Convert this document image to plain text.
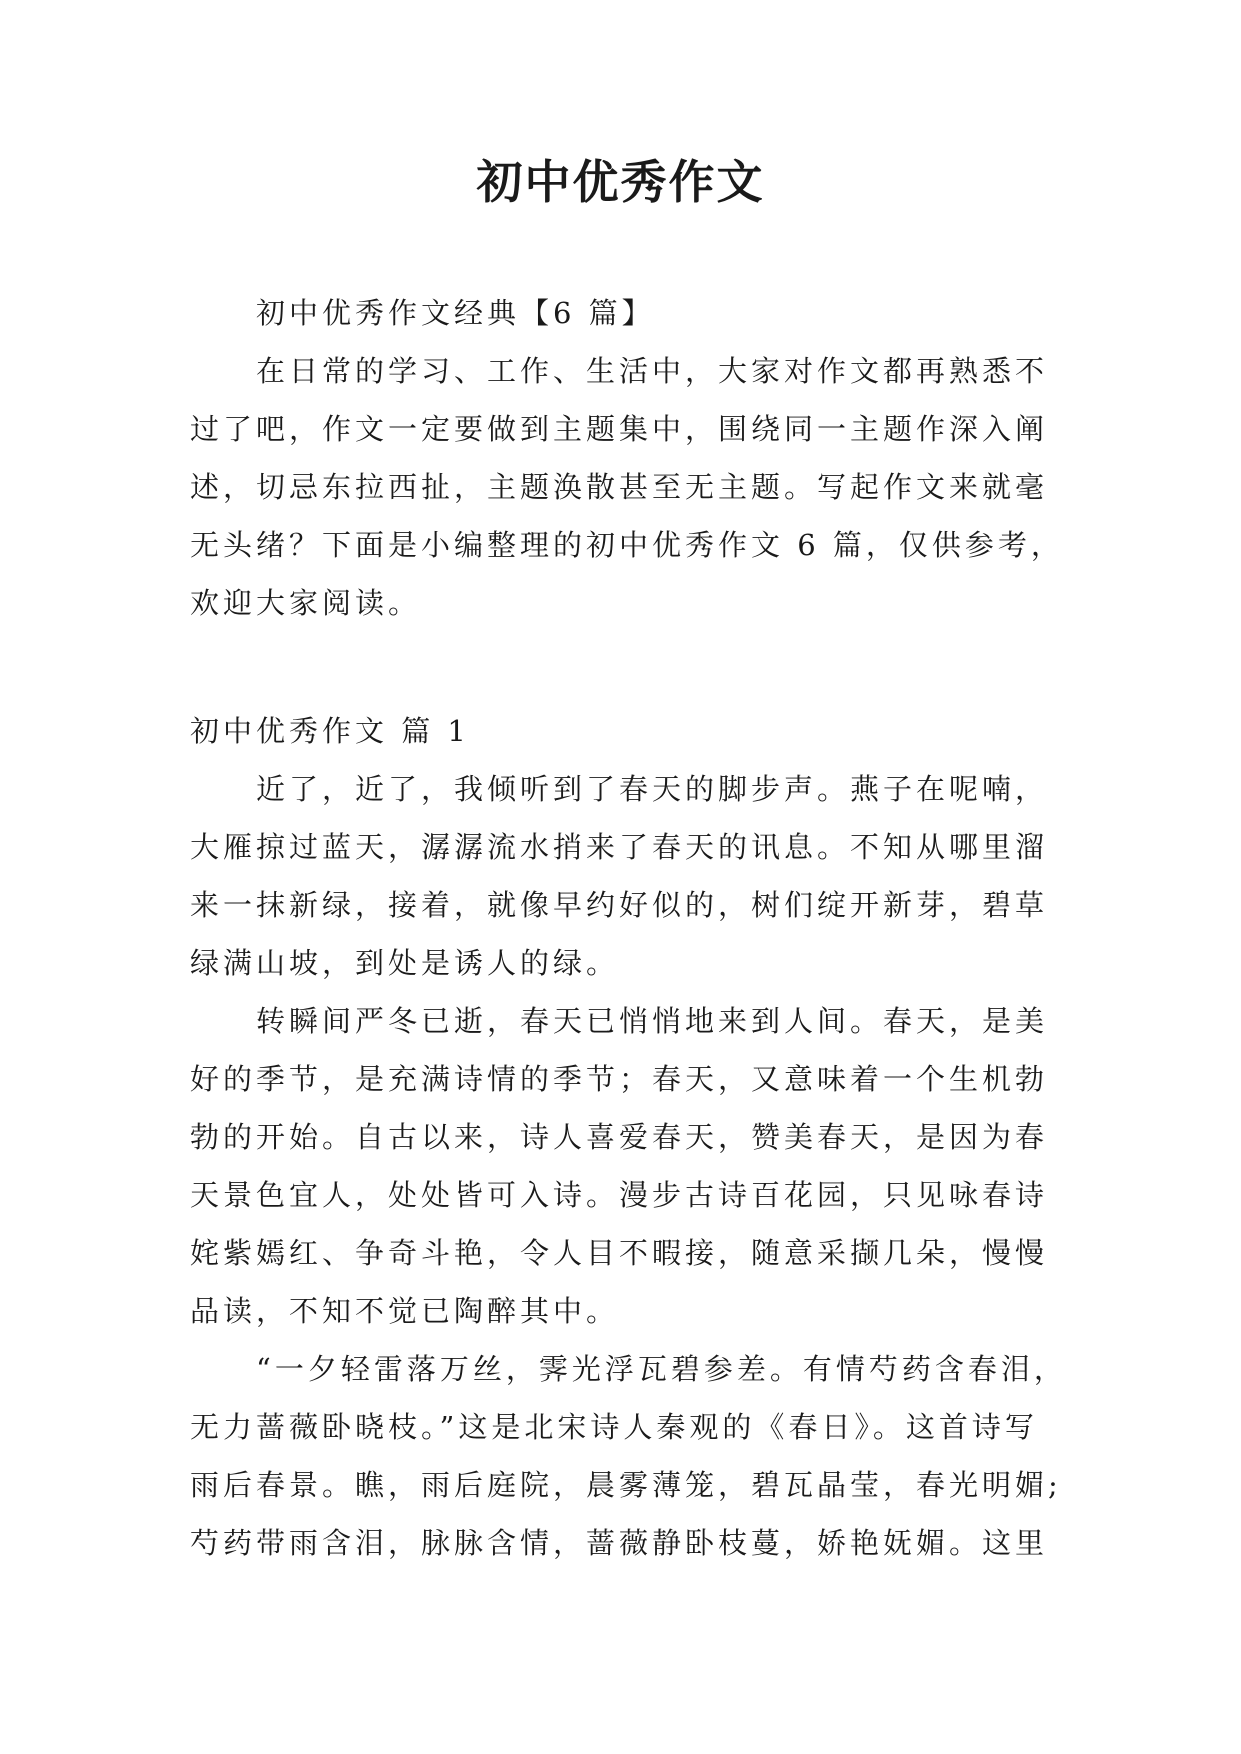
初中优秀作文
初中优秀作文经典【6 篇】
在日常的学习、工作、生活中，大家对作文都再熟悉不
过了吧，作文一定要做到主题集中，围绕同一主题作深入阐
述，切忌东拉西扯，主题涣散甚至无主题。写起作文来就毫
无头绪？下面是小编整理的初中优秀作文 6 篇，仅供参考，
欢迎大家阅读。
初中优秀作文 篇 1
近了，近了，我倾听到了春天的脚步声。燕子在呢喃，
大雁掠过蓝天，潺潺流水捎来了春天的讯息。不知从哪里溜
来一抹新绿，接着，就像早约好似的，树们绽开新芽，碧草
绿满山坡，到处是诱人的绿。
转瞬间严冬已逝，春天已悄悄地来到人间。春天，是美
好的季节，是充满诗情的季节；春天，又意味着一个生机勃
勃的开始。自古以来，诗人喜爱春天，赞美春天，是因为春
天景色宜人，处处皆可入诗。漫步古诗百花园，只见咏春诗
姹紫嫣红、争奇斗艳，令人目不暇接，随意采撷几朵，慢慢
品读，不知不觉已陶醉其中。
“一夕轻雷落万丝，霁光浮瓦碧参差。有情芍药含春泪，
无力蔷薇卧晓枝。”这是北宋诗人秦观的《春日》。这首诗写
雨后春景。瞧，雨后庭院，晨雾薄笼，碧瓦晶莹，春光明媚;
芍药带雨含泪，脉脉含情，蔷薇静卧枝蔓，娇艳妩媚。这里
